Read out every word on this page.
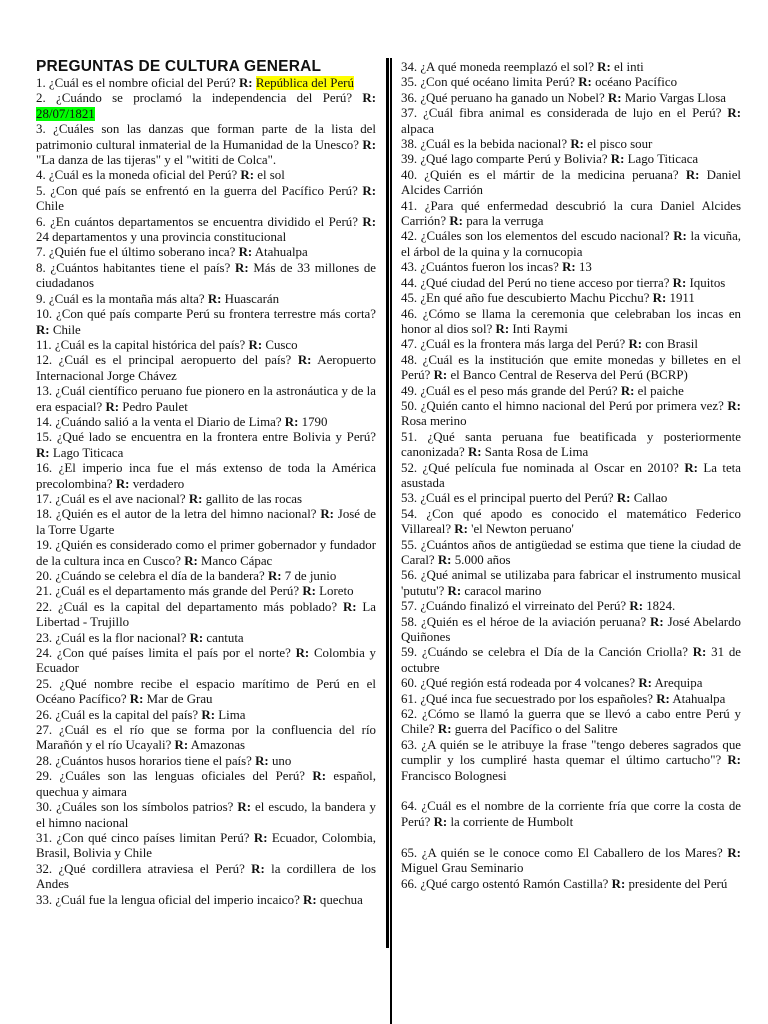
PREGUNTAS DE CULTURA GENERAL

1. ¿Cuál es el nombre oficial del Perú? R: República del Perú

2. ¿Cuándo se proclamó la independencia del Perú? R: 28/07/1821

3. ¿Cuáles son las danzas que forman parte de la lista del patrimonio cultural inmaterial de la Humanidad de la Unesco? R: "La danza de las tijeras" y el "wititi de Colca".

4. ¿Cuál es la moneda oficial del Perú? R: el sol

5. ¿Con qué país se enfrentó en la guerra del Pacífico Perú? R: Chile

6. ¿En cuántos departamentos se encuentra dividido el Perú? R: 24 departamentos y una provincia constitucional

7. ¿Quién fue el último soberano inca? R: Atahualpa

8. ¿Cuántos habitantes tiene el país? R: Más de 33 millones de ciudadanos

9. ¿Cuál es la montaña más alta? R: Huascarán

10. ¿Con qué país comparte Perú su frontera terrestre más corta? R: Chile

11. ¿Cuál es la capital histórica del país? R: Cusco

12. ¿Cuál es el principal aeropuerto del país? R: Aeropuerto Internacional Jorge Chávez

13. ¿Cuál científico peruano fue pionero en la astronáutica y de la era espacial? R: Pedro Paulet

14. ¿Cuándo salió a la venta el Diario de Lima? R: 1790

15. ¿Qué lado se encuentra en la frontera entre Bolivia y Perú? R: Lago Titicaca

16. ¿El imperio inca fue el más extenso de toda la América precolombina? R: verdadero

17. ¿Cuál es el ave nacional? R: gallito de las rocas

18. ¿Quién es el autor de la letra del himno nacional? R: José de la Torre Ugarte

19. ¿Quién es considerado como el primer gobernador y fundador de la cultura inca en Cusco? R: Manco Cápac

20. ¿Cuándo se celebra el día de la bandera? R: 7 de junio

21. ¿Cuál es el departamento más grande del Perú? R: Loreto

22. ¿Cuál es la capital del departamento más poblado? R: La Libertad - Trujillo

23. ¿Cuál es la flor nacional? R: cantuta

24. ¿Con qué países limita el país por el norte? R: Colombia y Ecuador

25. ¿Qué nombre recibe el espacio marítimo de Perú en el Océano Pacífico? R: Mar de Grau

26. ¿Cuál es la capital del país? R: Lima

27. ¿Cuál es el río que se forma por la confluencia del río Marañón y el río Ucayali? R: Amazonas

28. ¿Cuántos husos horarios tiene el país? R: uno

29. ¿Cuáles son las lenguas oficiales del Perú? R: español, quechua y aimara

30. ¿Cuáles son los símbolos patrios? R: el escudo, la bandera y el himno nacional

31. ¿Con qué cinco países limitan Perú? R: Ecuador, Colombia, Brasil, Bolivia y Chile

32. ¿Qué cordillera atraviesa el Perú? R: la cordillera de los Andes

33. ¿Cuál fue la lengua oficial del imperio incaico? R: quechua

34. ¿A qué moneda reemplazó el sol? R: el inti

35. ¿Con qué océano limita Perú? R: océano Pacífico

36. ¿Qué peruano ha ganado un Nobel? R: Mario Vargas Llosa

37. ¿Cuál fibra animal es considerada de lujo en el Perú? R: alpaca

38. ¿Cuál es la bebida nacional? R: el pisco sour

39. ¿Qué lago comparte Perú y Bolivia? R: Lago Titicaca

40. ¿Quién es el mártir de la medicina peruana? R: Daniel Alcides Carrión

41. ¿Para qué enfermedad descubrió la cura Daniel Alcides Carrión? R: para la verruga

42. ¿Cuáles son los elementos del escudo nacional? R: la vicuña, el árbol de la quina y la cornucopia

43. ¿Cuántos fueron los incas? R: 13

44. ¿Qué ciudad del Perú no tiene acceso por tierra? R: Iquitos

45. ¿En qué año fue descubierto Machu Picchu? R: 1911

46. ¿Cómo se llama la ceremonia que celebraban los incas en honor al dios sol? R: Inti Raymi

47. ¿Cuál es la frontera más larga del Perú? R: con Brasil

48. ¿Cuál es la institución que emite monedas y billetes en el Perú? R: el Banco Central de Reserva del Perú (BCRP)

49. ¿Cuál es el peso más grande del Perú? R: el paiche

50. ¿Quién canto el himno nacional del Perú por primera vez? R: Rosa merino

51. ¿Qué santa peruana fue beatificada y posteriormente canonizada? R: Santa Rosa de Lima

52. ¿Qué película fue nominada al Oscar en 2010? R: La teta asustada

53. ¿Cuál es el principal puerto del Perú? R: Callao

54. ¿Con qué apodo es conocido el matemático Federico Villareal? R: 'el Newton peruano'

55. ¿Cuántos años de antigüedad se estima que tiene la ciudad de Caral? R: 5.000 años

56. ¿Qué animal se utilizaba para fabricar el instrumento musical 'pututu'? R: caracol marino

57. ¿Cuándo finalizó el virreinato del Perú? R: 1824.

58. ¿Quién es el héroe de la aviación peruana? R: José Abelardo Quiñones

59. ¿Cuándo se celebra el Día de la Canción Criolla? R: 31 de octubre

60. ¿Qué región está rodeada por 4 volcanes? R: Arequipa

61. ¿Qué inca fue secuestrado por los españoles? R: Atahualpa

62. ¿Cómo se llamó la guerra que se llevó a cabo entre Perú y Chile? R: guerra del Pacífico o del Salitre

63. ¿A quién se le atribuye la frase "tengo deberes sagrados que cumplir y los cumpliré hasta quemar el último cartucho"? R: Francisco Bolognesi

64. ¿Cuál es el nombre de la corriente fría que corre la costa de Perú? R: la corriente de Humbolt

65. ¿A quién se le conoce como El Caballero de los Mares? R: Miguel Grau Seminario

66. ¿Qué cargo ostentó Ramón Castilla? R: presidente del Perú
